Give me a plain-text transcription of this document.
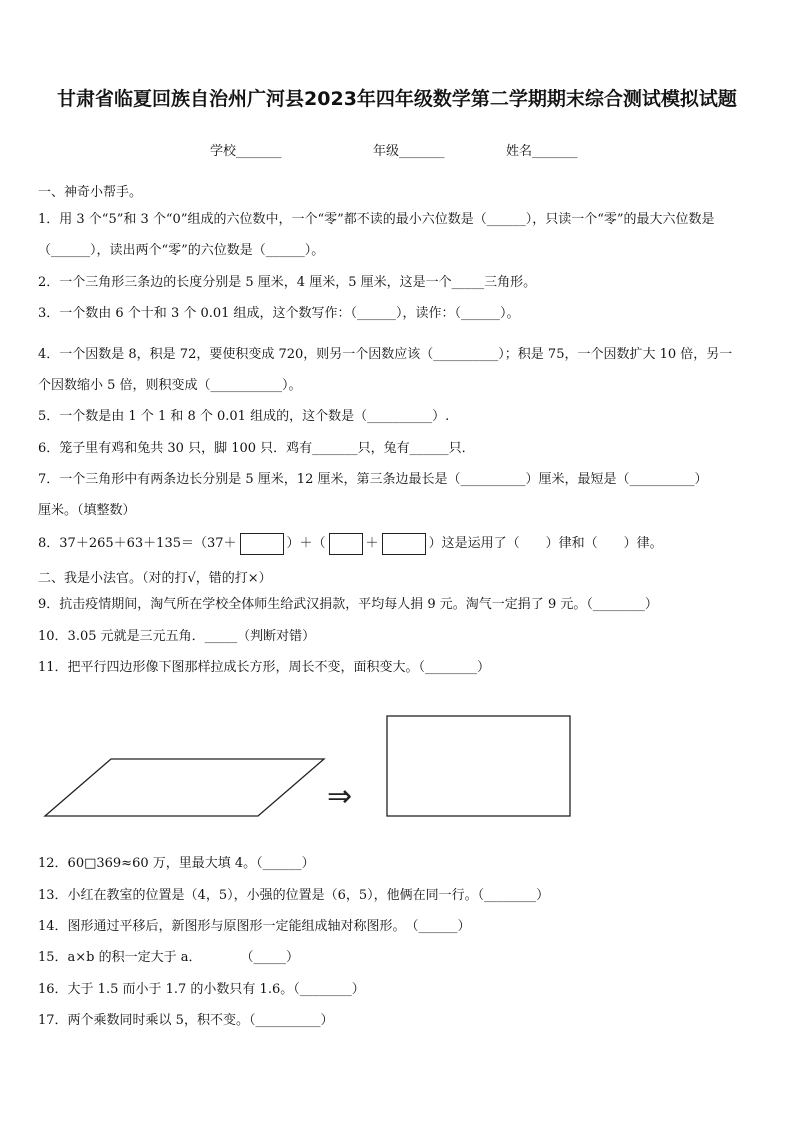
甘肃省临夏回族自治州广河县2023年四年级数学第二学期期末综合测试模拟试题
学校_______	年级_______	姓名_______
一、神奇小帮手。
1．用 3 个“5”和 3 个“0”组成的六位数中，一个“零”都不读的最小六位数是（______），只读一个“零”的最大六位数是
（______），读出两个“零”的六位数是（______）。
2．一个三角形三条边的长度分别是 5 厘米，4 厘米，5 厘米，这是一个_____三角形。
3．一个数由 6 个十和 3 个 0.01 组成，这个数写作：（______），读作：（______）。
4．一个因数是 8，积是 72，要使积变成 720，则另一个因数应该（__________）；积是 75，一个因数扩大 10 倍，另一
个因数缩小 5 倍，则积变成（___________）。
5．一个数是由 1 个 1 和 8 个 0.01 组成的，这个数是（__________）.
6．笼子里有鸡和兔共 30 只，脚 100 只．鸡有_______只，兔有______只．
7．一个三角形中有两条边长分别是 5 厘米，12 厘米，第三条边最长是（__________）厘米，最短是（__________）
厘米。（填整数）
8．37＋265＋63＋135＝（37＋	）＋（	＋	）这是运用了（　　）律和（　　）律。
二、我是小法官。（对的打√，错的打×）
9．抗击疫情期间，淘气所在学校全体师生给武汉捐款，平均每人捐 9 元。淘气一定捐了 9 元。（________）
10．3.05 元就是三元五角．_____（判断对错）
11．把平行四边形像下图那样拉成长方形，周长不变，面积变大。（________）
⇒
12．60□369≈60 万，里最大填 4。（______）
13．小红在教室的位置是（4，5），小强的位置是（6，5），他俩在同一行。（________）
14．图形通过平移后，新图形与原图形一定能组成轴对称图形。　（______）
15．a×b 的积一定大于 a．　　　　（_____）
16．大于 1.5 而小于 1.7 的小数只有 1.6。（________）
17．两个乘数同时乘以 5，积不变。（__________）
